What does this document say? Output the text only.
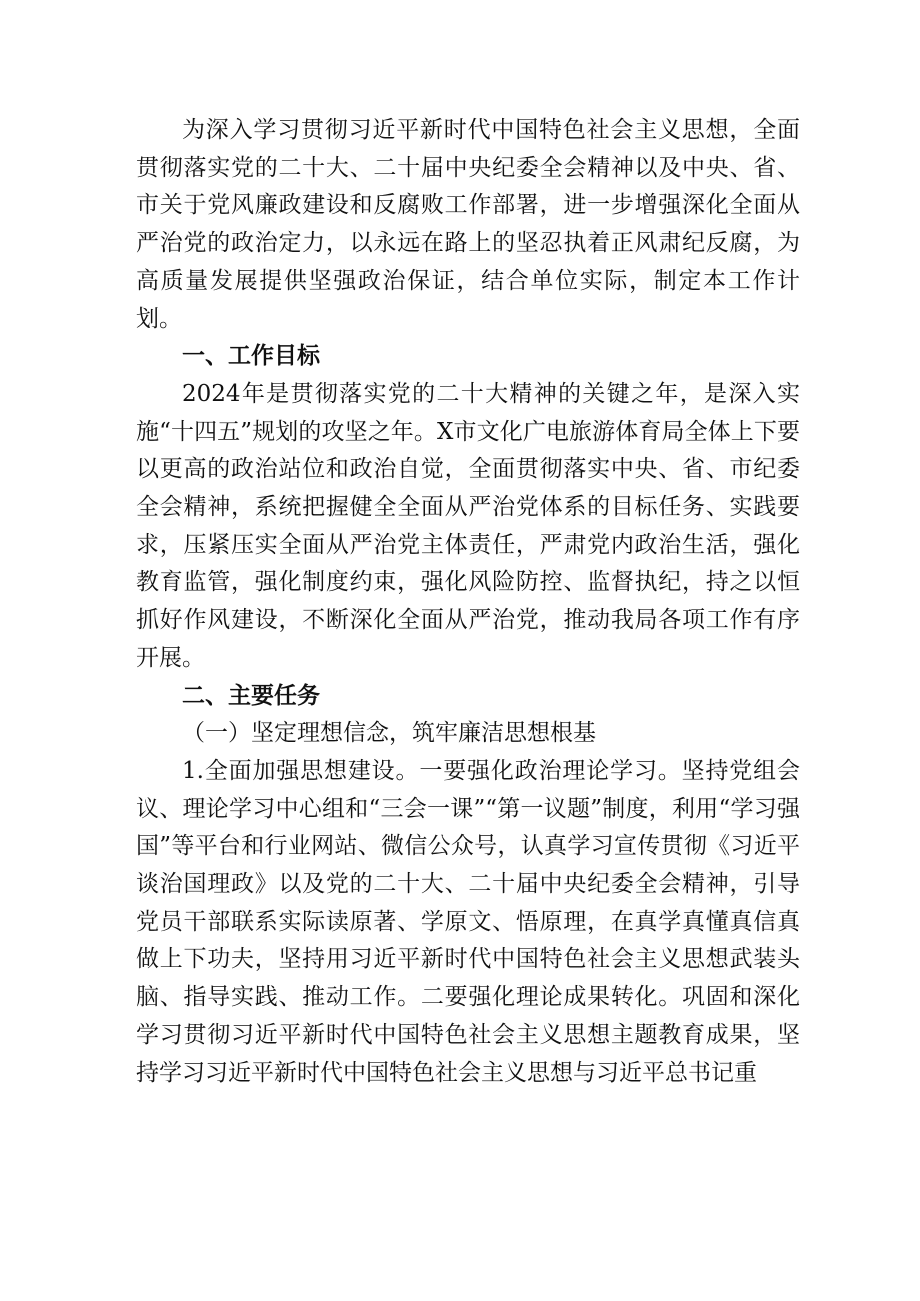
为深入学习贯彻习近平新时代中国特色社会主义思想，全面贯彻落实党的二十大、二十届中央纪委全会精神以及中央、省、市关于党风廉政建设和反腐败工作部署，进一步增强深化全面从严治党的政治定力，以永远在路上的坚忍执着正风肃纪反腐，为高质量发展提供坚强政治保证，结合单位实际，制定本工作计划。

一、工作目标

2024年是贯彻落实党的二十大精神的关键之年，是深入实施“十四五”规划的攻坚之年。X市文化广电旅游体育局全体上下要以更高的政治站位和政治自觉，全面贯彻落实中央、省、市纪委全会精神，系统把握健全全面从严治党体系的目标任务、实践要求，压紧压实全面从严治党主体责任，严肃党内政治生活，强化教育监管，强化制度约束，强化风险防控、监督执纪，持之以恒抓好作风建设，不断深化全面从严治党，推动我局各项工作有序开展。

二、主要任务

（一）坚定理想信念，筑牢廉洁思想根基

1.全面加强思想建设。一要强化政治理论学习。坚持党组会议、理论学习中心组和“三会一课”“第一议题”制度，利用“学习强国”等平台和行业网站、微信公众号，认真学习宣传贯彻《习近平谈治国理政》以及党的二十大、二十届中央纪委全会精神，引导党员干部联系实际读原著、学原文、悟原理，在真学真懂真信真做上下功夫，坚持用习近平新时代中国特色社会主义思想武装头脑、指导实践、推动工作。二要强化理论成果转化。巩固和深化学习贯彻习近平新时代中国特色社会主义思想主题教育成果，坚持学习习近平新时代中国特色社会主义思想与习近平总书记重
